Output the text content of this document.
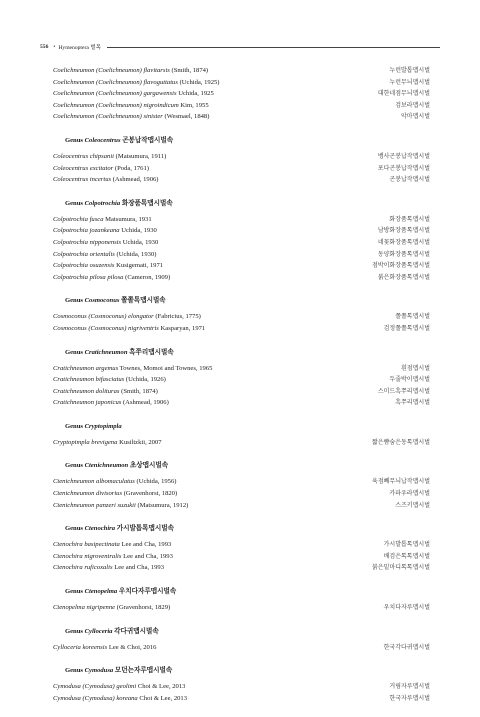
556 • Hymenoptera 벌목
Coelichneumon (Coelichneumon) flavitarsis (Smith, 1874)	누런발톱맵시벌
Coelichneumon (Coelichneumon) flavoguttatus (Uchida, 1925)	누런무늬맵시벌
Coelichneumon (Coelichneumon) gargawensis Uchida, 1925	대한네점무늬맵시벌
Coelichneumon (Coelichneumon) nigroindicum Kim, 1955	검보라맵시벌
Coelichneumon (Coelichneumon) sinister (Wesmael, 1848)	악마맵시벌
Genus Coleocentrus 곤봉납작맵시벌속
Coleocentrus chipsanii (Matsumura, 1911)	뱅사곤봉납작맵시벌
Coleocentrus excitator (Poda, 1761)	포다곤봉납작맵시벌
Coleocentrus incertus (Ashmead, 1906)	곤봉납작맵시벌
Genus Colpotrochia 화장품톡맵시벌속
Colpotrochia fusca Matsumura, 1931	화장품톡맵시벌
Colpotrochia jozankeana Uchida, 1930	남방화장품톡맵시벌
Colpotrochia nipponensis Uchida, 1930	네꽃화장품톡맵시벌
Colpotrochia orientalis (Uchida, 1930)	동양화장품톡맵시벌
Colpotrochia osuzensis Kusigemati, 1971	점박이화장품톡맵시벌
Colpotrochia pilosa pilosa (Cameron, 1909)	붉은화장품톡맵시벌
Genus Cosmoconus 쫄쫄톡맵시벌속
Cosmoconus (Cosmoconus) elongator (Fabricius, 1775)	쫄쫄톡맵시벌
Cosmoconus (Cosmoconus) nigriventris Kasparyan, 1971	검정쫄쫄톡맵시벌
Genus Cratichneumon 흑쭈리맵시벌속
Cratichneumon argemus Townes, Momoi and Townes, 1965	흰점맵시벌
Cratichneumon bifasciatus (Uchida, 1926)	두줄박이맵시벌
Cratichneumon dolituras (Smith, 1874)	스미드흑쭈리맵시벌
Cratichneumon japonicus (Ashmead, 1906)	흑쭈리맵시벌
Genus Cryptopimpla
Cryptopimpla brevigena Kusiltzkii, 2007	짧은뺨숨은동톡맵시벌
Genus Ctenichneumon 초상맵시벌속
Ctenichneumon albomaculatus (Uchida, 1956)	육점빼무늬납작맵시벌
Ctenichneumon divisorius (Gravenhorst, 1820)	카파우라맵시벌
Ctenichneumon panzeri suzukii (Matsumura, 1912)	스즈키맵시벌
Genus Ctenochira 가시발톱톡맵시벌속
Ctenochira basipectinata Lee and Cha, 1993	가시발톱톡맵시벌
Ctenochira nigroventralis Lee and Cha, 1993	배검은톡톡맵시벌
Ctenochira ruficoxalis Lee and Cha, 1993	붉은밑마디톡톡맵시벌
Genus Ctenopelma 우치다자루맵시벌속
Ctenopelma nigripenne (Gravenhorst, 1829)	우치다자루맵시벌
Genus Cylloceria 각다귀맵시벌속
Cylloceria koreensis Lee & Choi, 2016	한국각다귀맵시벌
Genus Cymodusa 모던는자루맵시벌속
Cymodusa (Cymodusa) geolimi Choi & Lee, 2013	거림자루맵시벌
Cymodusa (Cymodusa) koreana Choi & Lee, 2013	한국자루맵시벌
